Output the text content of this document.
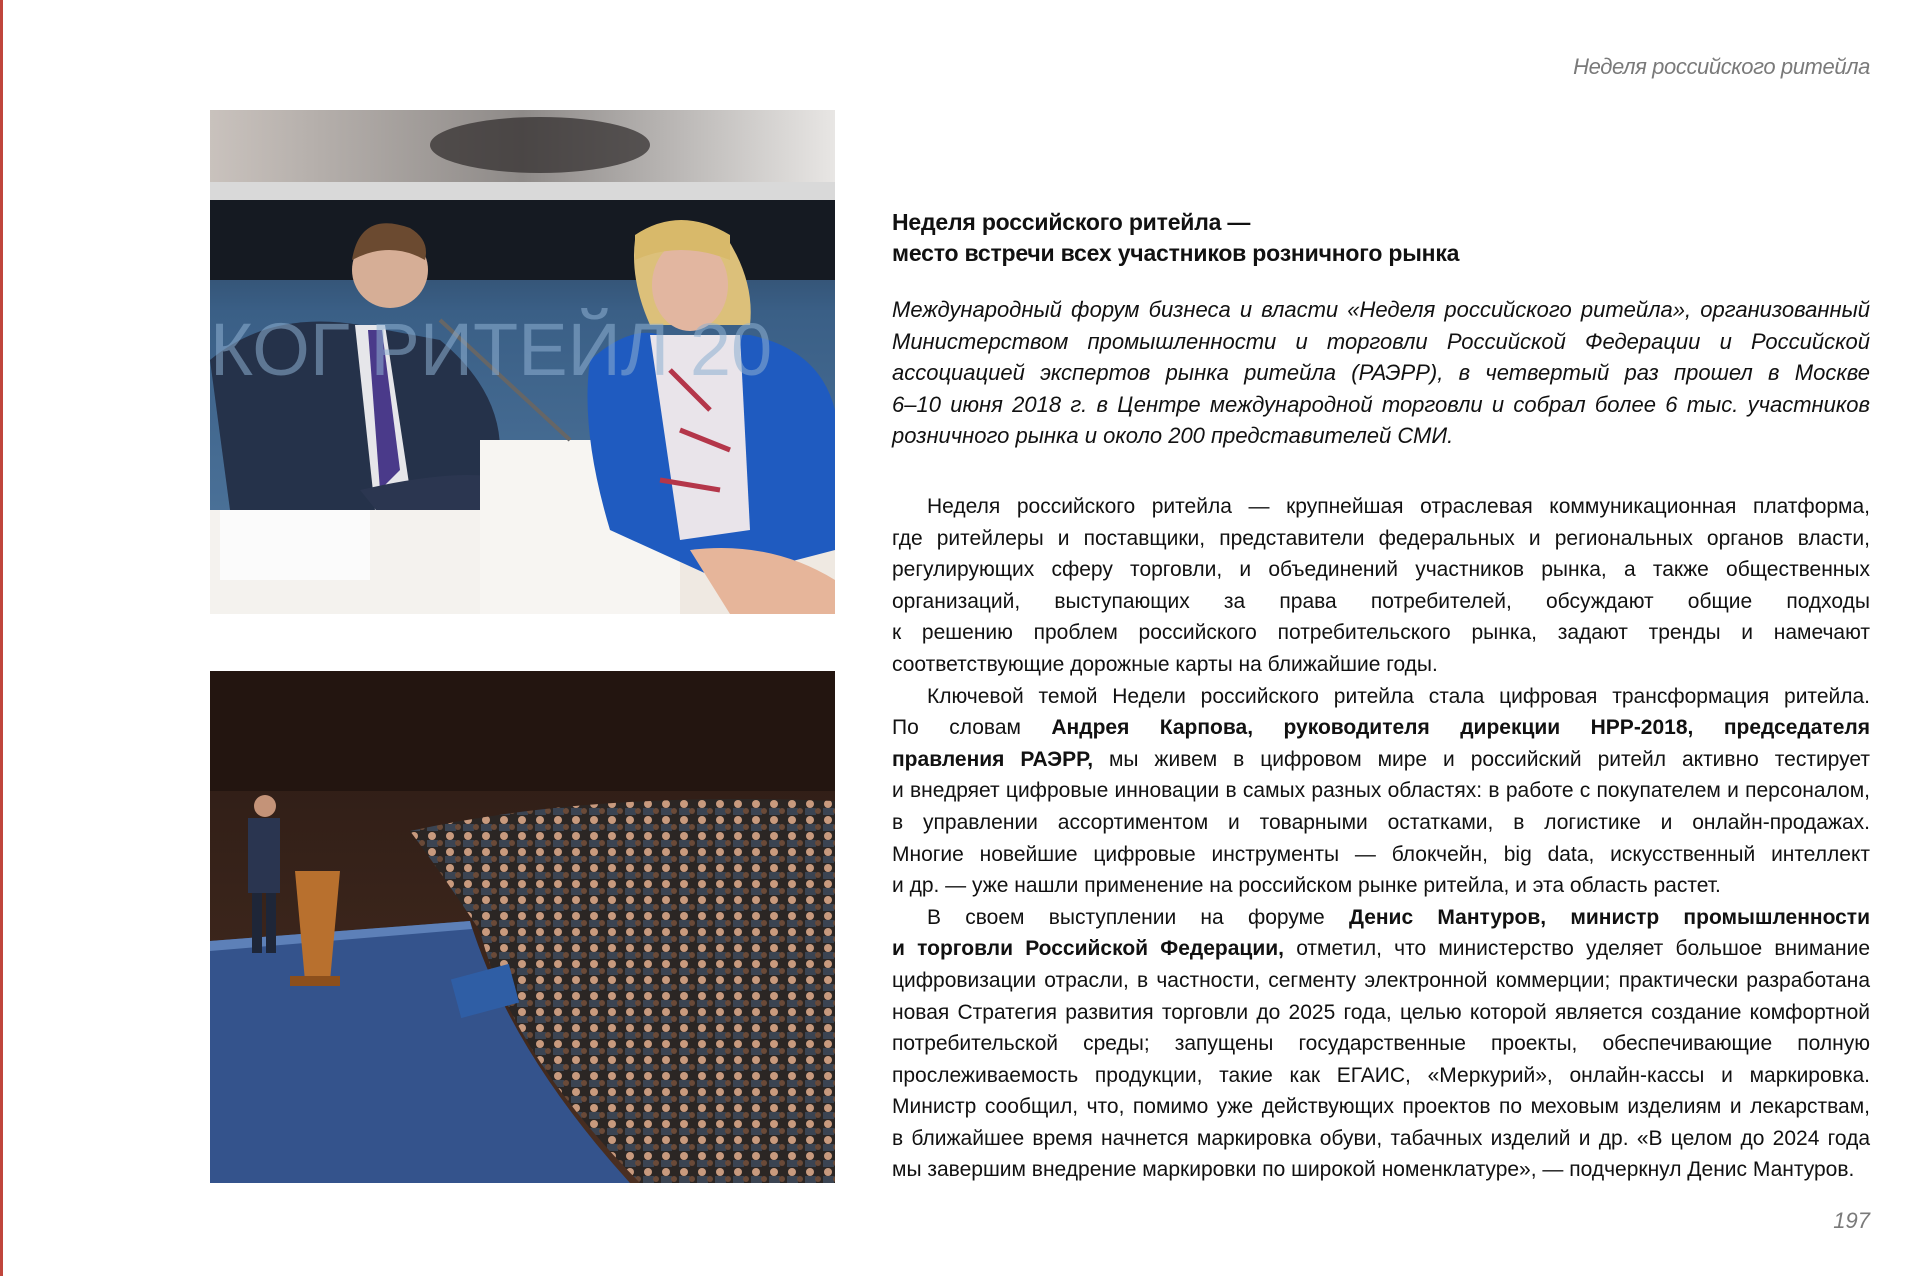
Неделя российского ритейла
КОГ РИТЕЙЛ 20
Неделя российского ритейла —
место встречи всех участников розничного рынка
Международный форум бизнеса и власти «Неделя российского ритейла», организованный
Министерством промышленности и торговли Российской Федерации и Российской
ассоциацией экспертов рынка ритейла (РАЭРР), в четвертый раз прошел в Москве
6–10 июня 2018 г. в Центре международной торговли и собрал более 6 тыс. участников
розничного рынка и около 200 представителей СМИ.
Неделя российского ритейла — крупнейшая отраслевая коммуникационная платформа,
где ритейлеры и поставщики, представители федеральных и региональных органов власти,
регулирующих сферу торговли, и объединений участников рынка, а также общественных
организаций, выступающих за права потребителей, обсуждают общие подходы
к решению проблем российского потребительского рынка, задают тренды и намечают
соответствующие дорожные карты на ближайшие годы.
Ключевой темой Недели российского ритейла стала цифровая трансформация ритейла.
По словам Андрея Карпова, руководителя дирекции НРР-2018, председателя
правления РАЭРР, мы живем в цифровом мире и российский ритейл активно тестирует
и внедряет цифровые инновации в самых разных областях: в работе с покупателем и персоналом,
в управлении ассортиментом и товарными остатками, в логистике и онлайн-продажах.
Многие новейшие цифровые инструменты — блокчейн, big data, искусственный интеллект
и др. — уже нашли применение на российском рынке ритейла, и эта область растет.
В своем выступлении на форуме Денис Мантуров, министр промышленности
и торговли Российской Федерации, отметил, что министерство уделяет большое внимание
цифровизации отрасли, в частности, сегменту электронной коммерции; практически разработана
новая Стратегия развития торговли до 2025 года, целью которой является создание комфортной
потребительской среды; запущены государственные проекты, обеспечивающие полную
прослеживаемость продукции, такие как ЕГАИС, «Меркурий», онлайн-кассы и маркировка.
Министр сообщил, что, помимо уже действующих проектов по меховым изделиям и лекарствам,
в ближайшее время начнется маркировка обуви, табачных изделий и др. «В целом до 2024 года
мы завершим внедрение маркировки по широкой номенклатуре», — подчеркнул Денис Мантуров.
197
